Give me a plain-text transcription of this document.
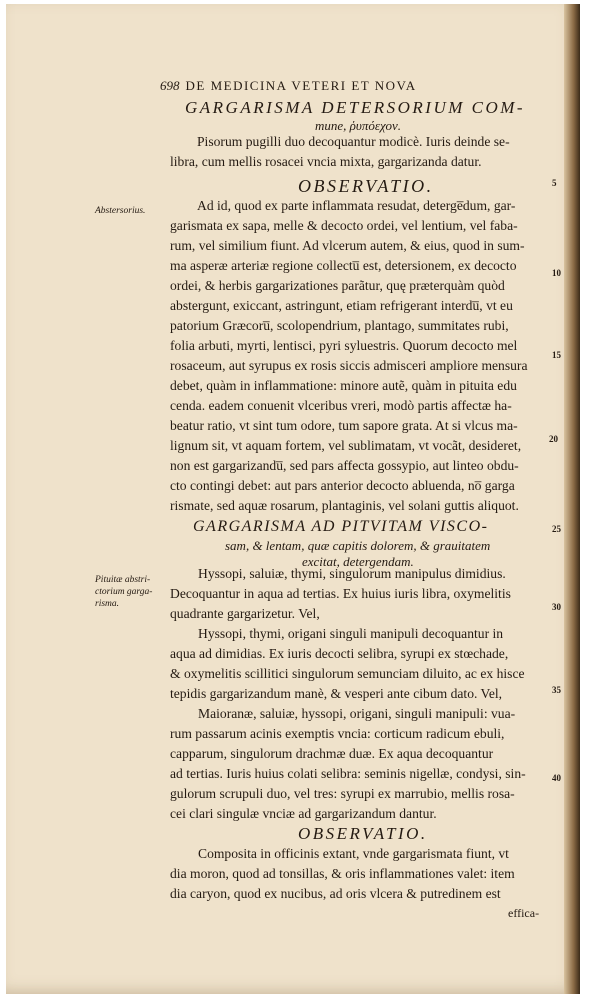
698 DE MEDICINA VETERI ET NOVA
GARGARISMA DETERSORIUM COM-
mune, ῥυπόεχον.
Pisorum pugilli duo decoquantur modicè. Iuris deinde se-
libra, cum mellis rosacei vncia mixta, gargarizanda datur.
OBSERVATIO.
Abstersorius.	Ad id, quod ex parte inflammata resudat, deterge̅dum, gar-
garismata ex sapa, melle & decocto ordei, vel lentium, vel faba-
rum, vel similium fiunt. Ad vlcerum autem, & eius, quod in sum-
ma asperæ arteriæ regione collectu̅ est, detersionem, ex decocto
ordei, & herbis gargarizationes parãtur, quę præterquàm quòd
abstergunt, exiccant, astringunt, etiam refrigerant interdu̅, vt eu
patorium Græcoru̅, scolopendrium, plantago, summitates rubi,
folia arbuti, myrti, lentisci, pyri syluestris. Quorum decocto mel
rosaceum, aut syrupus ex rosis siccis admisceri ampliore mensura
debet, quàm in inflammatione: minore autẽ, quàm in pituita edu
cenda. eadem conuenit vlceribus vreri, modò partis affectæ ha-
beatur ratio, vt sint tum odore, tum sapore grata. At si vlcus ma-
lignum sit, vt aquam fortem, vel sublimatam, vt vocãt, desideret,
non est gargarizandu̅, sed pars affecta gossypio, aut linteo obdu-
cto contingi debet: aut pars anterior decocto abluenda, no̅ garga
rismate, sed aquæ rosarum, plantaginis, vel solani guttis aliquot.
GARGARISMA AD PITVITAM VISCO-
sam, & lentam, quæ capitis dolorem, & grauitatem
excitat, detergendam.
Pituitæ abstri-
ctorium garga-
risma.
Hyssopi, saluiæ, thymi, singulorum manipulus dimidius.
Decoquantur in aqua ad tertias. Ex huius iuris libra, oxymelitis
quadrante gargarizetur. Vel,
Hyssopi, thymi, origani singuli manipuli decoquantur in
aqua ad dimidias. Ex iuris decocti selibra, syrupi ex stœchade,
& oxymelitis scillitici singulorum semunciam diluito, ac ex hisce
tepidis gargarizandum manè, & vesperi ante cibum dato. Vel,
Maioranæ, saluiæ, hyssopi, origani, singuli manipuli: vua-
rum passarum acinis exemptis vncia: corticum radicum ebuli,
capparum, singulorum drachmæ duæ. Ex aqua decoquantur
ad tertias. Iuris huius colati selibra: seminis nigellæ, condysi, sin-
gulorum scrupuli duo, vel tres: syrupi ex marrubio, mellis rosa-
cei clari singulæ vnciæ ad gargarizandum dantur.
OBSERVATIO.
Composita in officinis extant, vnde gargarismata fiunt, vt
dia moron, quod ad tonsillas, & oris inflammationes valet: item
dia caryon, quod ex nucibus, ad oris vlcera & putredinem est
effica-
5
10
15
20
25
30
35
40
